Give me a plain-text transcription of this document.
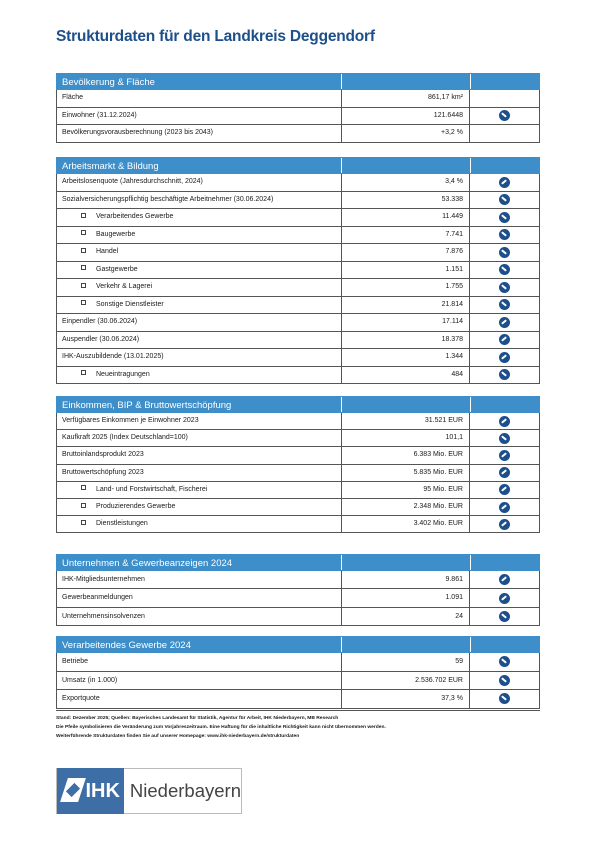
Strukturdaten für den Landkreis Deggendorf
Bevölkerung & Fläche
Fläche	861,17 km²
Einwohner (31.12.2024)	121.6448
Bevölkerungsvorausberechnung (2023 bis 2043)	+3,2 %
Arbeitsmarkt & Bildung
Arbeitslosenquote (Jahresdurchschnitt, 2024)	3,4 %
Sozialversicherungspflichtig beschäftigte Arbeitnehmer (30.06.2024)	53.338
Verarbeitendes Gewerbe	11.449
Baugewerbe	7.741
Handel	7.876
Gastgewerbe	1.151
Verkehr & Lagerei	1.755
Sonstige Dienstleister	21.814
Einpendler (30.06.2024)	17.114
Auspendler (30.06.2024)	18.378
IHK-Auszubildende (13.01.2025)	1.344
Neueintragungen	484
Einkommen, BIP & Bruttowertschöpfung
Verfügbares Einkommen je Einwohner 2023	31.521 EUR
Kaufkraft 2025 (Index Deutschland=100)	101,1
Bruttoinlandsprodukt 2023	6.383 Mio. EUR
Bruttowertschöpfung 2023	5.835 Mio. EUR
Land- und Forstwirtschaft, Fischerei	95 Mio. EUR
Produzierendes Gewerbe	2.348 Mio. EUR
Dienstleistungen	3.402 Mio. EUR
Unternehmen & Gewerbeanzeigen 2024
IHK-Mitgliedsunternehmen	9.861
Gewerbeanmeldungen	1.091
Unternehmensinsolvenzen	24
Verarbeitendes Gewerbe 2024
Betriebe	59
Umsatz (in 1.000)	2.536.702 EUR
Exportquote	37,3 %
Stand: Dezember 2025; Quellen: Bayerisches Landesamt für Statistik, Agentur für Arbeit, IHK Niederbayern, MB Research
Die Pfeile symbolisieren die Veränderung zum Vorjahreszeitraum. Eine Haftung für die inhaltliche Richtigkeit kann nicht übernommen werden.
Weiterführende Strukturdaten finden Sie auf unserer Homepage: www.ihk-niederbayern.de/strukturdaten
IHK Niederbayern
